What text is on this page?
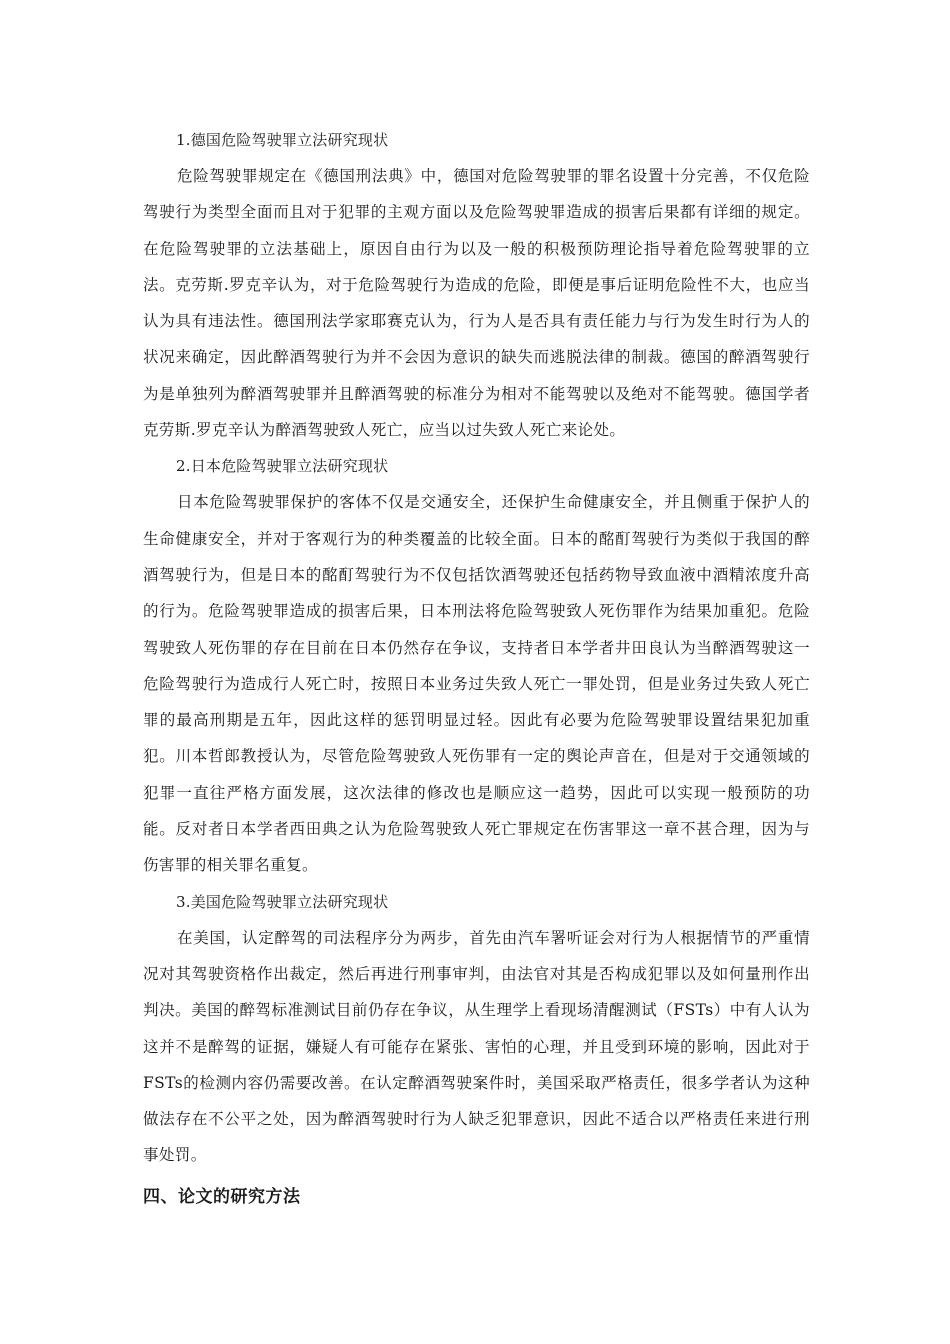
1.德国危险驾驶罪立法研究现状

危险驾驶罪规定在《德国刑法典》中，德国对危险驾驶罪的罪名设置十分完善，不仅危险驾驶行为类型全面而且对于犯罪的主观方面以及危险驾驶罪造成的损害后果都有详细的规定。在危险驾驶罪的立法基础上，原因自由行为以及一般的积极预防理论指导着危险驾驶罪的立法。克劳斯.罗克辛认为，对于危险驾驶行为造成的危险，即便是事后证明危险性不大，也应当认为具有违法性。德国刑法学家耶赛克认为，行为人是否具有责任能力与行为发生时行为人的状况来确定，因此醉酒驾驶行为并不会因为意识的缺失而逃脱法律的制裁。德国的醉酒驾驶行为是单独列为醉酒驾驶罪并且醉酒驾驶的标准分为相对不能驾驶以及绝对不能驾驶。德国学者克劳斯.罗克辛认为醉酒驾驶致人死亡，应当以过失致人死亡来论处。

2.日本危险驾驶罪立法研究现状

日本危险驾驶罪保护的客体不仅是交通安全，还保护生命健康安全，并且侧重于保护人的生命健康安全，并对于客观行为的种类覆盖的比较全面。日本的酩酊驾驶行为类似于我国的醉酒驾驶行为，但是日本的酩酊驾驶行为不仅包括饮酒驾驶还包括药物导致血液中酒精浓度升高的行为。危险驾驶罪造成的损害后果，日本刑法将危险驾驶致人死伤罪作为结果加重犯。危险驾驶致人死伤罪的存在目前在日本仍然存在争议，支持者日本学者井田良认为当醉酒驾驶这一危险驾驶行为造成行人死亡时，按照日本业务过失致人死亡一罪处罚，但是业务过失致人死亡罪的最高刑期是五年，因此这样的惩罚明显过轻。因此有必要为危险驾驶罪设置结果犯加重犯。川本哲郎教授认为，尽管危险驾驶致人死伤罪有一定的舆论声音在，但是对于交通领域的犯罪一直往严格方面发展，这次法律的修改也是顺应这一趋势，因此可以实现一般预防的功能。反对者日本学者西田典之认为危险驾驶致人死亡罪规定在伤害罪这一章不甚合理，因为与伤害罪的相关罪名重复。

3.美国危险驾驶罪立法研究现状

在美国，认定醉驾的司法程序分为两步，首先由汽车署听证会对行为人根据情节的严重情况对其驾驶资格作出裁定，然后再进行刑事审判，由法官对其是否构成犯罪以及如何量刑作出判决。美国的醉驾标准测试目前仍存在争议，从生理学上看现场清醒测试（FSTs）中有人认为这并不是醉驾的证据，嫌疑人有可能存在紧张、害怕的心理，并且受到环境的影响，因此对于FSTs的检测内容仍需要改善。在认定醉酒驾驶案件时，美国采取严格责任，很多学者认为这种做法存在不公平之处，因为醉酒驾驶时行为人缺乏犯罪意识，因此不适合以严格责任来进行刑事处罚。

四、论文的研究方法
